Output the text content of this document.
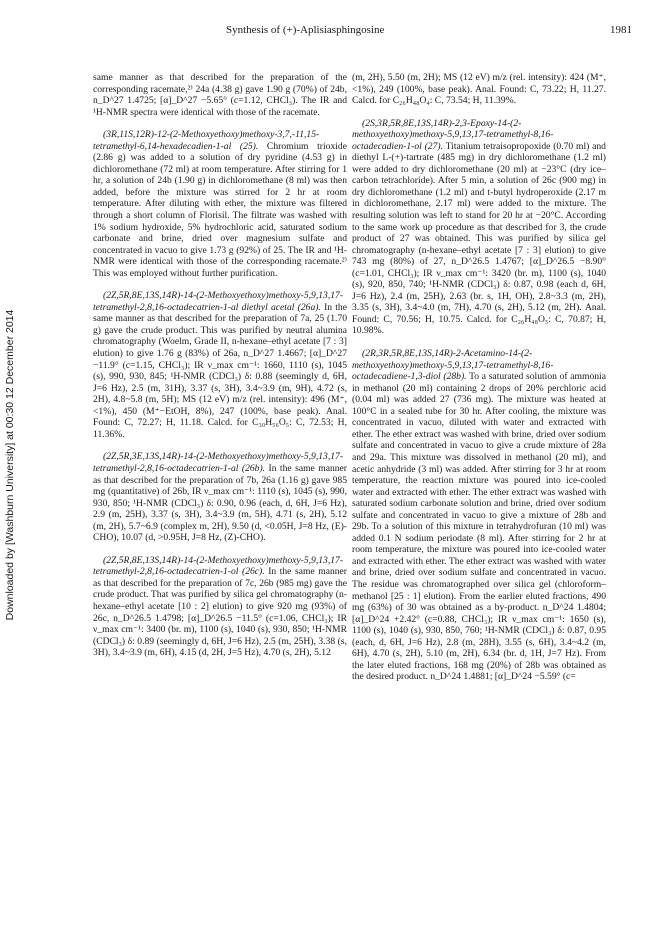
Synthesis of (+)-Aplisiasphingosine	1981
Downloaded by [Washburn University] at 00:30 12 December 2014

same manner as that described for the preparation of the corresponding racemate,²⁾ 24a (4.38 g) gave 1.90 g (70%) of 24b, n_D^27 1.4725; [α]_D^27 −5.65° (c=1.12, CHCl₃). The IR and ¹H-NMR spectra were identical with those of the racemate.

(3R,11S,12R)-12-(2-Methoxyethoxy)methoxy-3,7,-11,15-tetramethyl-6,14-hexadecadien-1-al (25). Chromium trioxide (2.86 g) was added to a solution of dry pyridine (4.53 g) in dichloromethane (72 ml) at room temperature. After stirring for 1 hr, a solution of 24b (1.90 g) in dichloromethane (8 ml) was then added, before the mixture was stirred for 2 hr at room temperature. After diluting with ether, the mixture was filtered through a short column of Florisil. The filtrate was washed with 1% sodium hydroxide, 5% hydrochloric acid, saturated sodium carbonate and brine, dried over magnesium sulfate and concentrated in vacuo to give 1.73 g (92%) of 25. The IR and ¹H-NMR were identical with those of the corresponding racemate.²⁾ This was employed without further purification.

(2Z,5R,8E,13S,14R)-14-(2-Methoxyethoxy)methoxy-5,9,13,17-tetramethyl-2,8,16-octadecatrien-1-al diethyl acetal (26a). In the same manner as that described for the preparation of 7a, 25 (1.70 g) gave the crude product. This was purified by neutral alumina chromatography (Woelm, Grade II, n-hexane–ethyl acetate [7 : 3] elution) to give 1.76 g (83%) of 26a, n_D^27 1.4667; [α]_D^27 −11.9° (c=1.15, CHCl₃); IR ν_max cm⁻¹: 1660, 1110 (s), 1045 (s), 990, 930, 845; ¹H-NMR (CDCl₃) δ: 0.88 (seemingly d, 6H, J=6 Hz), 2.5 (m, 31H), 3.37 (s, 3H), 3.4~3.9 (m, 9H), 4.72 (s, 2H), 4.8~5.8 (m, 5H); MS (12 eV) m/z (rel. intensity): 496 (M⁺, <1%), 450 (M⁺−EtOH, 8%), 247 (100%, base peak). Anal. Found: C, 72.27; H, 11.18. Calcd. for C₃₀H₅₆O₅: C, 72.53; H, 11.36%.

(2Z,5R,3E,13S,14R)-14-(2-Methoxyethoxy)methoxy-5,9,13,17-tetramethyl-2,8,16-octadecatrien-1-al (26b). In the same manner as that described for the preparation of 7b, 26a (1.16 g) gave 985 mg (quantitative) of 26b, IR ν_max cm⁻¹: 1110 (s), 1045 (s), 990, 930, 850; ¹H-NMR (CDCl₃) δ: 0.90, 0.96 (each, d, 6H, J=6 Hz), 2.9 (m, 25H), 3.37 (s, 3H), 3.4~3.9 (m, 5H), 4.71 (s, 2H), 5.12 (m, 2H), 5.7~6.9 (complex m, 2H), 9.50 (d, <0.05H, J=8 Hz, (E)-CHO), 10.07 (d, >0.95H, J=8 Hz, (Z)-CHO).

(2Z,5R,8E,13S,14R)-14-(2-Methoxyethoxy)methoxy-5,9,13,17-tetramethyl-2,8,16-octadecatrien-1-ol (26c). In the same manner as that described for the preparation of 7c, 26b (985 mg) gave the crude product. That was purified by silica gel chromatography (n-hexane–ethyl acetate [10 : 2] elution) to give 920 mg (93%) of 26c, n_D^26.5 1.4798; [α]_D^26.5 −11.5° (c=1.06, CHCl₃); IR ν_max cm⁻¹: 3400 (br. m), 1100 (s), 1040 (s), 930, 850; ¹H-NMR (CDCl₃) δ: 0.89 (seemingly d, 6H, J=6 Hz), 2.5 (m, 25H), 3.38 (s, 3H), 3.4~3.9 (m, 6H), 4.15 (d, 2H, J=5 Hz), 4.70 (s, 2H), 5.12

(m, 2H), 5.50 (m, 2H); MS (12 eV) m/z (rel. intensity): 424 (M⁺, <1%), 249 (100%, base peak). Anal. Found: C, 73.22; H, 11.27. Calcd. for C₂₆H₄₈O₄: C, 73.54; H, 11.39%.

(2S,3R,5R,8E,13S,14R)-2,3-Epoxy-14-(2-methoxyethoxy)methoxy-5,9,13,17-tetramethyl-8,16-octadecadien-1-ol (27). Titanium tetraisopropoxide (0.70 ml) and diethyl L-(+)-tartrate (485 mg) in dry dichloromethane (1.2 ml) were added to dry dichloromethane (20 ml) at −23°C (dry ice–carbon tetrachloride). After 5 min, a solution of 26c (900 mg) in dry dichloromethane (1.2 ml) and t-butyl hydroperoxide (2.17 m in dichloromethane, 2.17 ml) were added to the mixture. The resulting solution was left to stand for 20 hr at −20°C. According to the same work up procedure as that described for 3, the crude product of 27 was obtained. This was purified by silica gel chromatography (n-hexane–ethyl acetate [7 : 3] elution) to give 743 mg (80%) of 27, n_D^26.5 1.4767; [α]_D^26.5 −8.90° (c=1.01, CHCl₃); IR ν_max cm⁻¹: 3420 (br. m), 1100 (s), 1040 (s), 920, 850, 740; ¹H-NMR (CDCl₃) δ: 0.87, 0.98 (each d, 6H, J=6 Hz), 2.4 (m, 25H), 2.63 (br. s, 1H, OH), 2.8~3.3 (m, 2H), 3.35 (s, 3H), 3.4~4.0 (m, 7H), 4.70 (s, 2H), 5.12 (m, 2H). Anal. Found: C, 70.56; H, 10.75. Calcd. for C₂₆H₄₈O₅: C, 70.87; H, 10.98%.

(2R,3R,5R,8E,13S,14R)-2-Acetamino-14-(2-methoxyethoxy)methoxy-5,9,13,17-tetramethyl-8,16-octadecadiene-1,3-diol (28b). To a saturated solution of ammonia in methanol (20 ml) containing 2 drops of 20% perchloric acid (0.04 ml) was added 27 (736 mg). The mixture was heated at 100°C in a sealed tube for 30 hr. After cooling, the mixture was concentrated in vacuo, diluted with water and extracted with ether. The ether extract was washed with brine, dried over sodium sulfate and concentrated in vacuo to give a crude mixture of 28a and 29a. This mixture was dissolved in methanol (20 ml), and acetic anhydride (3 ml) was added. After stirring for 3 hr at room temperature, the reaction mixture was poured into ice-cooled water and extracted with ether. The ether extract was washed with saturated sodium carbonate solution and brine, dried over sodium sulfate and concentrated in vacuo to give a mixture of 28b and 29b. To a solution of this mixture in tetrahydrofuran (10 ml) was added 0.1 N sodium periodate (8 ml). After stirring for 2 hr at room temperature, the mixture was poured into ice-cooled water and extracted with ether. The ether extract was washed with water and brine, dried over sodium sulfate and concentrated in vacuo. The residue was chromatographed over silica gel (chloroform–methanol [25 : 1] elution). From the earlier eluted fractions, 490 mg (63%) of 30 was obtained as a by-product. n_D^24 1.4804; [α]_D^24 +2.42° (c=0.88, CHCl₃); IR ν_max cm⁻¹: 1650 (s), 1100 (s), 1040 (s), 930, 850, 760; ¹H-NMR (CDCl₃) δ: 0.87, 0.95 (each, d, 6H, J=6 Hz), 2.8 (m, 28H), 3.55 (s, 6H), 3.4~4.2 (m, 6H), 4.70 (s, 2H), 5.10 (m, 2H), 6.34 (br. d, 1H, J=7 Hz). From the later eluted fractions, 168 mg (20%) of 28b was obtained as the desired product. n_D^24 1.4881; [α]_D^24 −5.59° (c=
